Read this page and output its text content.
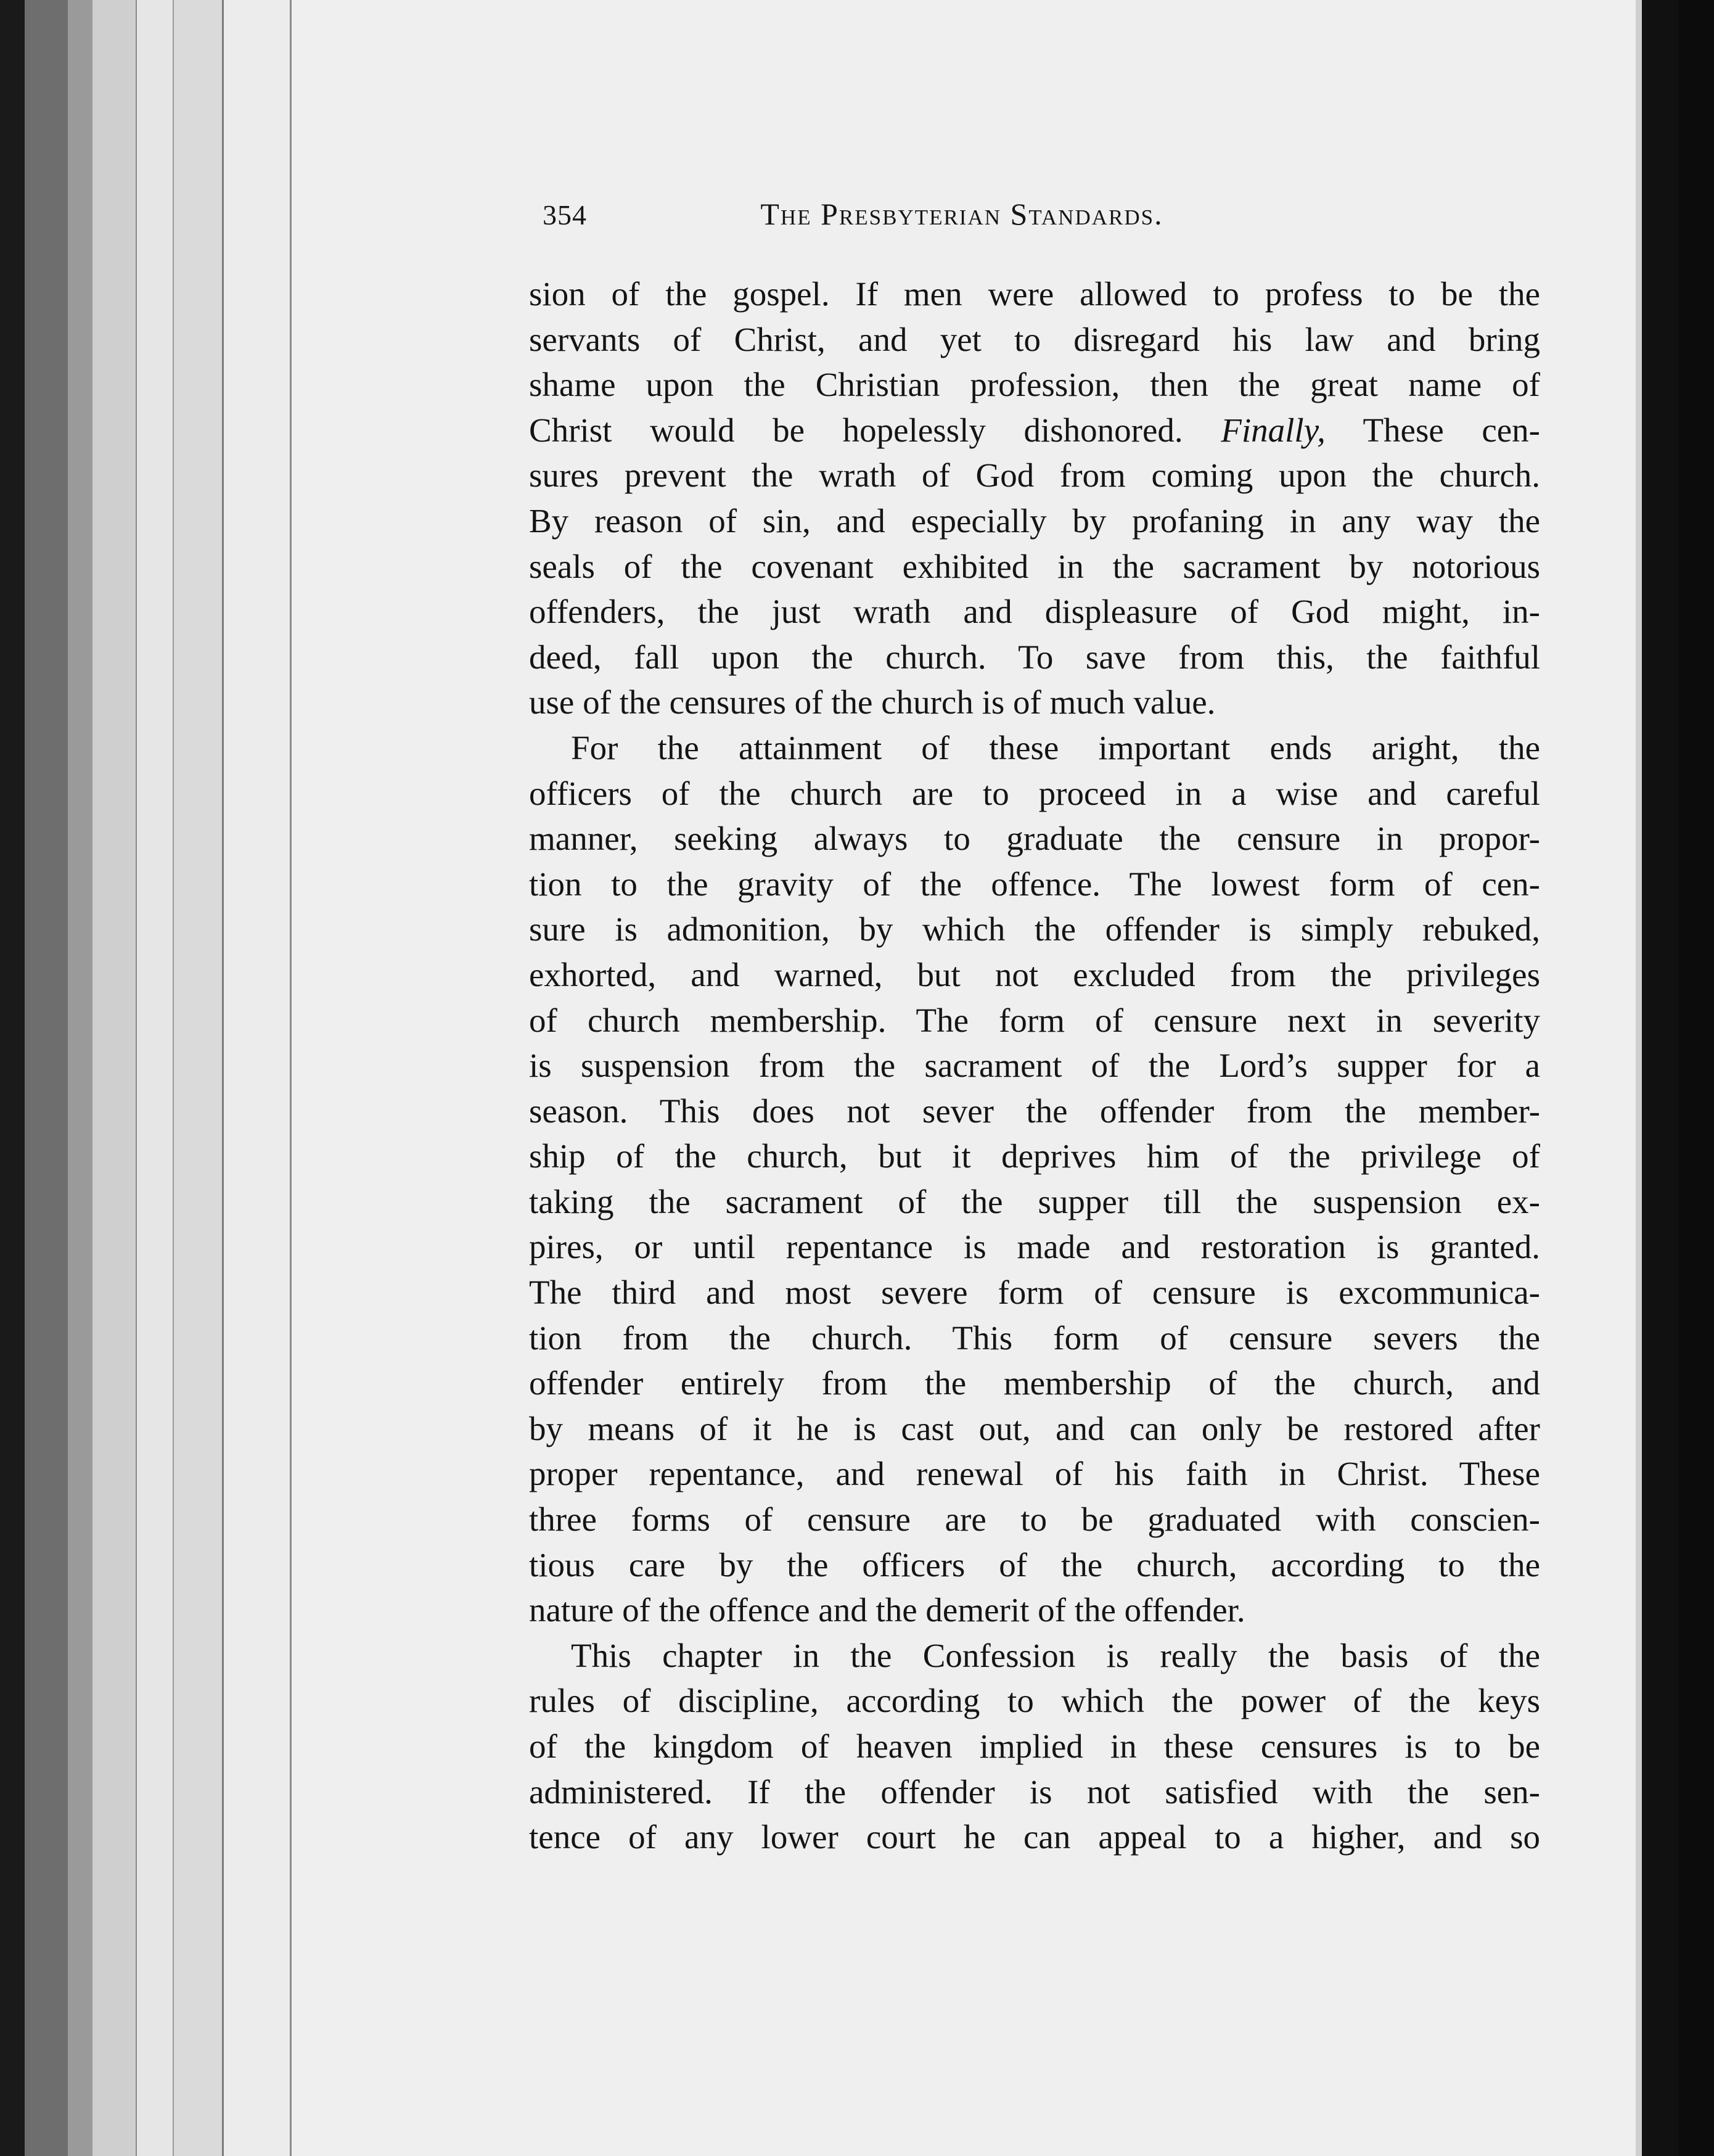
354	The Presbyterian Standards.
sion of the gospel. If men were allowed to profess to be the
servants of Christ, and yet to disregard his law and bring
shame upon the Christian profession, then the great name of
Christ would be hopelessly dishonored. Finally, These cen-
sures prevent the wrath of God from coming upon the church.
By reason of sin, and especially by profaning in any way the
seals of the covenant exhibited in the sacrament by notorious
offenders, the just wrath and displeasure of God might, in-
deed, fall upon the church. To save from this, the faithful
use of the censures of the church is of much value.
For the attainment of these important ends aright, the
officers of the church are to proceed in a wise and careful
manner, seeking always to graduate the censure in propor-
tion to the gravity of the offence. The lowest form of cen-
sure is admonition, by which the offender is simply rebuked,
exhorted, and warned, but not excluded from the privileges
of church membership. The form of censure next in severity
is suspension from the sacrament of the Lord’s supper for a
season. This does not sever the offender from the member-
ship of the church, but it deprives him of the privilege of
taking the sacrament of the supper till the suspension ex-
pires, or until repentance is made and restoration is granted.
The third and most severe form of censure is excommunica-
tion from the church. This form of censure severs the
offender entirely from the membership of the church, and
by means of it he is cast out, and can only be restored after
proper repentance, and renewal of his faith in Christ. These
three forms of censure are to be graduated with conscien-
tious care by the officers of the church, according to the
nature of the offence and the demerit of the offender.
This chapter in the Confession is really the basis of the
rules of discipline, according to which the power of the keys
of the kingdom of heaven implied in these censures is to be
administered. If the offender is not satisfied with the sen-
tence of any lower court he can appeal to a higher, and so
